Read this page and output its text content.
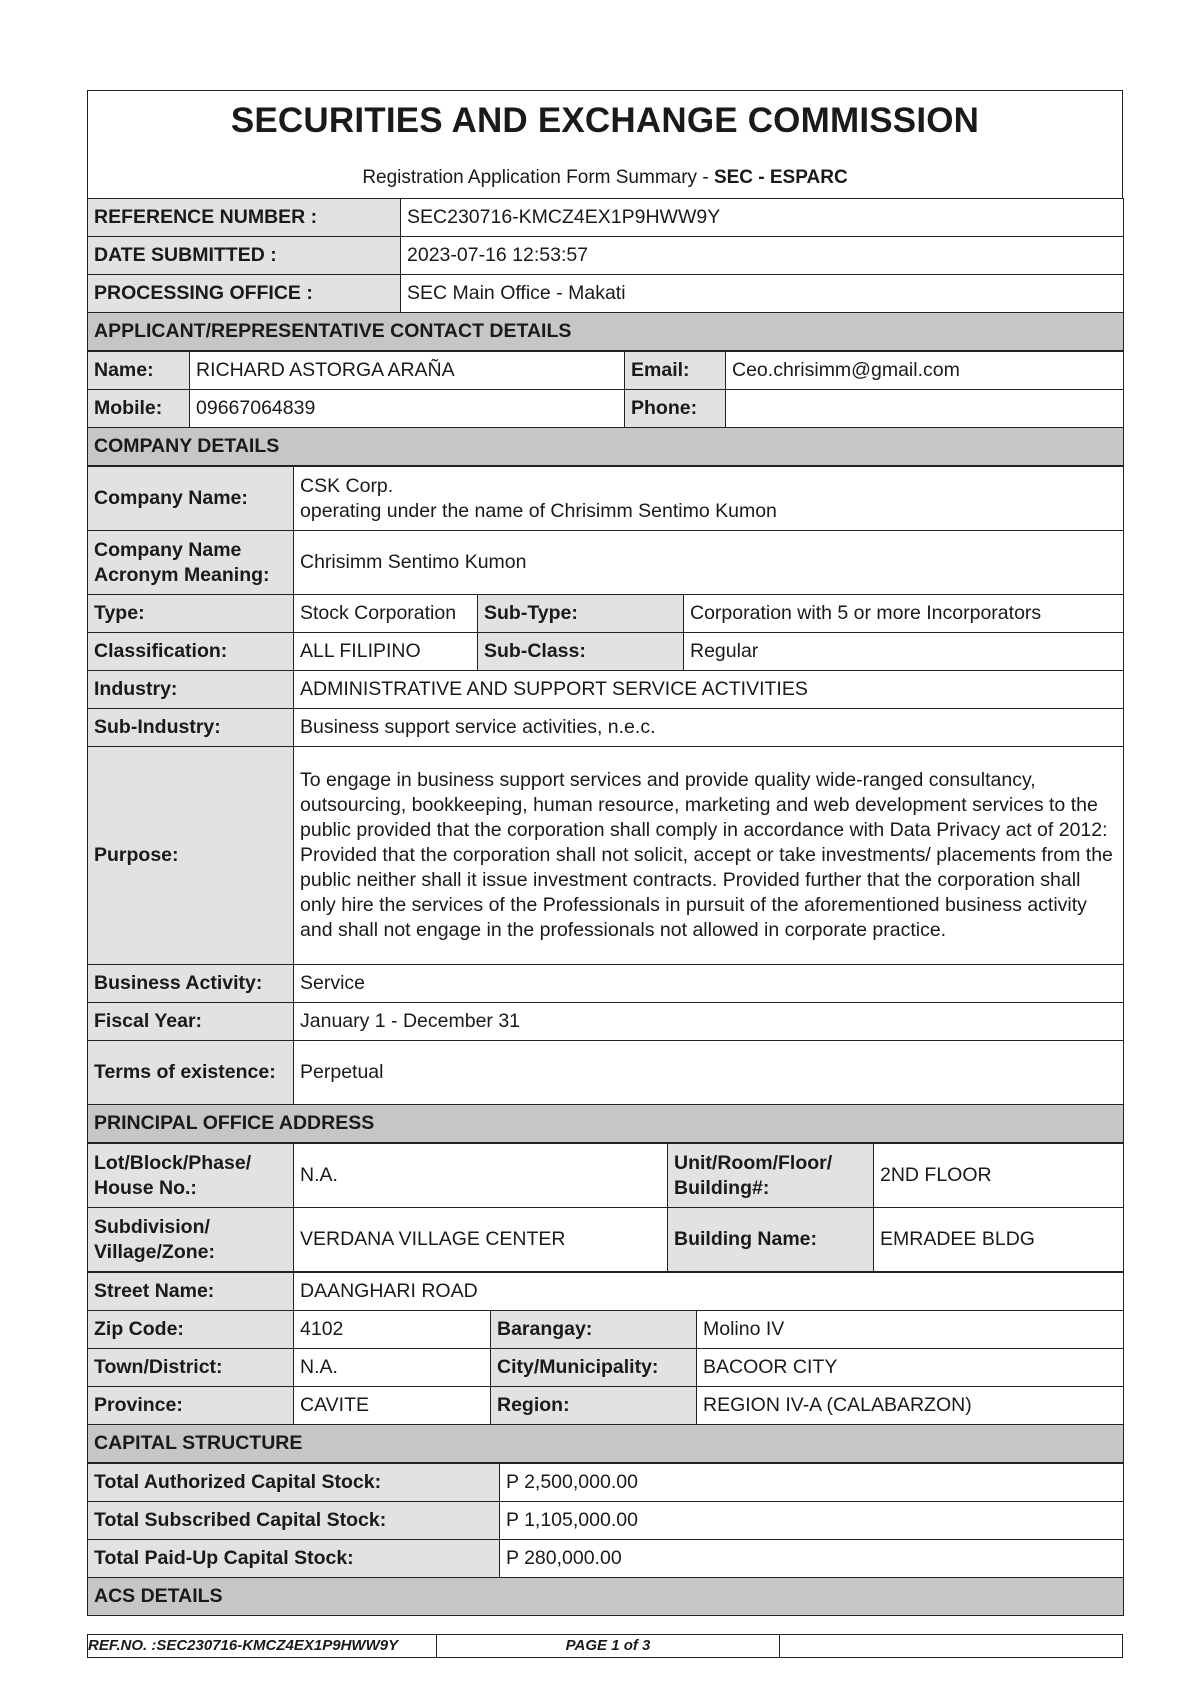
SECURITIES AND EXCHANGE COMMISSION
Registration Application Form Summary - SEC - ESPARC
REFERENCE NUMBER :	SEC230716-KMCZ4EX1P9HWW9Y
DATE SUBMITTED :	2023-07-16 12:53:57
PROCESSING OFFICE :	SEC Main Office - Makati
APPLICANT/REPRESENTATIVE CONTACT DETAILS	
Name:	RICHARD ASTORGA ARAÑA	Email:	Ceo.chrisimm@gmail.com
Mobile:	09667064839	Phone:	
COMPANY DETAILS			
Company Name:	CSK Corp.
operating under the name of Chrisimm Sentimo Kumon		

Company Name Acronym Meaning:	Chrisimm Sentimo Kumon		
Type:	Stock Corporation	Sub-Type:	Corporation with 5 or more Incorporators
Classification:	ALL FILIPINO	Sub-Class:	Regular
Industry:	ADMINISTRATIVE AND SUPPORT SERVICE ACTIVITIES		
Sub-Industry:	Business support service activities, n.e.c.		
Purpose:	To engage in business support services and provide quality wide-ranged consultancy, outsourcing, bookkeeping, human resource, marketing and web development services to the public provided that the corporation shall comply in accordance with Data Privacy act of 2012: Provided that the corporation shall not solicit, accept or take investments/ placements from the public neither shall it issue investment contracts. Provided further that the corporation shall only hire the services of the Professionals in pursuit of the aforementioned business activity and shall not engage in the professionals not allowed in corporate practice.		
Business Activity:	Service		
Fiscal Year:	January 1 - December 31		
Terms of existence:	Perpetual		
PRINCIPAL OFFICE ADDRESS			
Lot/Block/Phase/ House No.:	N.A.	Unit/Room/Floor/ Building#:	2ND FLOOR
Subdivision/ Village/Zone:	VERDANA VILLAGE CENTER	Building Name:	EMRADEE BLDG
Street Name:	DAANGHARI ROAD		
Zip Code:	4102	Barangay:	Molino IV
Town/District:	N.A.	City/Municipality:	BACOOR CITY
Province:	CAVITE	Region:	REGION IV-A (CALABARZON)
CAPITAL STRUCTURE			
Total Authorized Capital Stock:	P 2,500,000.00
Total Subscribed Capital Stock:	P 1,105,000.00
Total Paid-Up Capital Stock:	P 280,000.00
ACS DETAILS	
REF.NO. :SEC230716-KMCZ4EX1P9HWW9Y	PAGE 1 of 3
